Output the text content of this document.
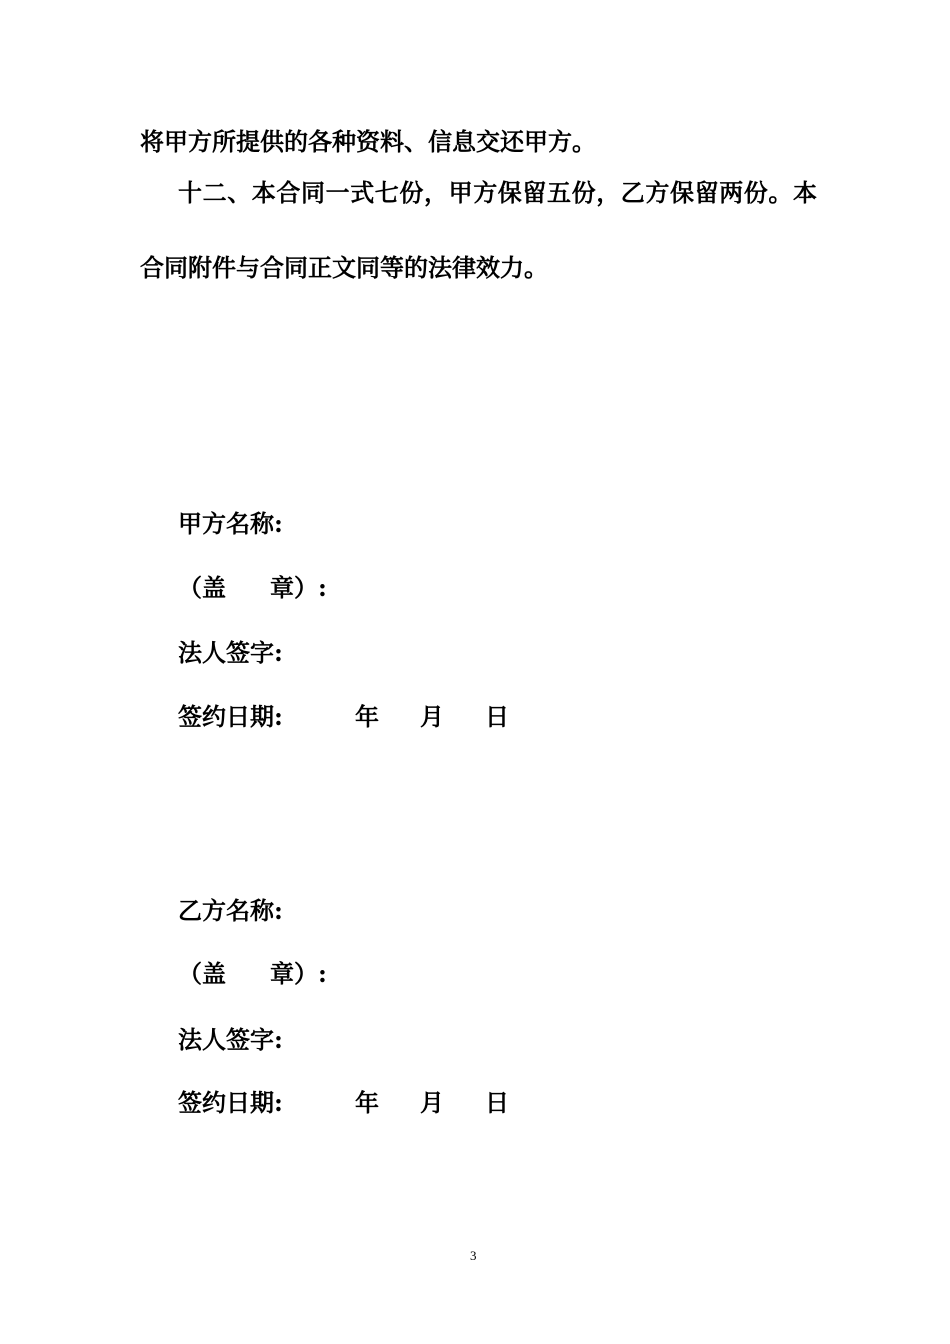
将甲方所提供的各种资料、信息交还甲方。
十二、本合同一式七份，甲方保留五份，乙方保留两份。本
合同附件与合同正文同等的法律效力。
甲方名称:
（盖 章）:
法人签字:
签约日期:	年 月 日
乙方名称:
（盖 章）:
法人签字:
签约日期:	年 月 日
3
